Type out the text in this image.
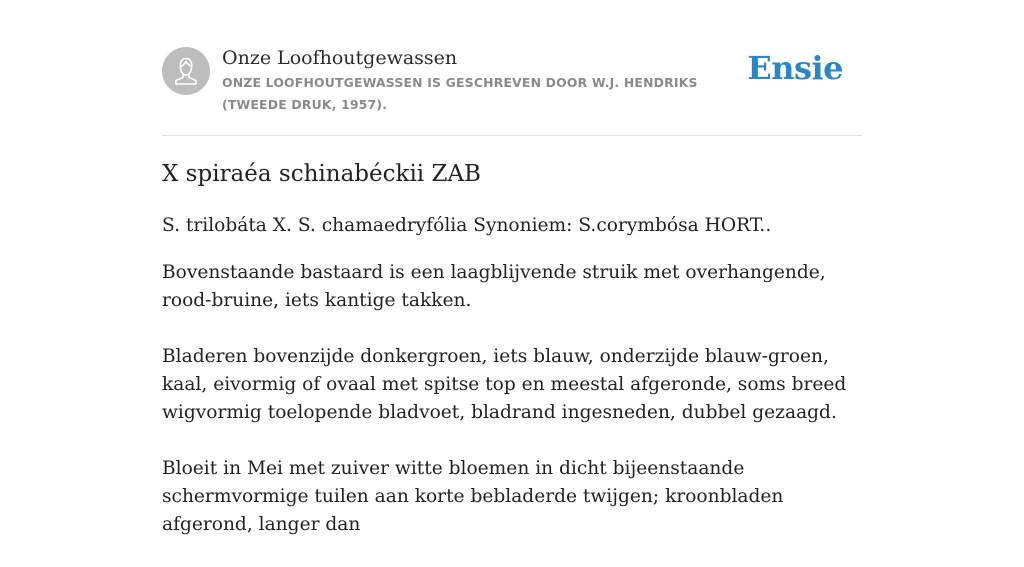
Onze Loofhoutgewassen
ONZE LOOFHOUTGEWASSEN IS GESCHREVEN DOOR W.J. HENDRIKS (TWEEDE DRUK, 1957).
Ensie
X spiraéa schinabéckii ZAB

S. trilobáta X. S. chamaedryfólia Synoniem: S.corymbósa HORT..

Bovenstaande bastaard is een laagblijvende struik met overhangende, rood-bruine, iets kantige takken.

Bladeren bovenzijde donkergroen, iets blauw, onderzijde blauw-groen, kaal, eivormig of ovaal met spitse top en meestal afgeronde, soms breed wigvormig toelopende bladvoet, bladrand ingesneden, dubbel gezaagd.

Bloeit in Mei met zuiver witte bloemen in dicht bijeenstaande schermvormige tuilen aan korte bebladerde twijgen; kroonbladen afgerond, langer dan
